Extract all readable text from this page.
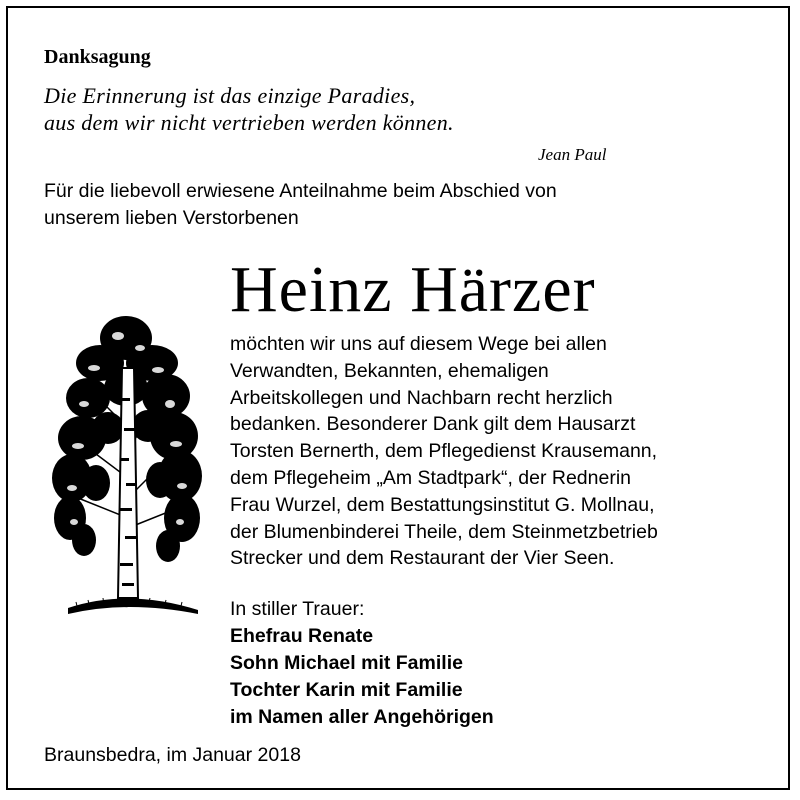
Danksagung

Die Erinnerung ist das einzige Paradies,
aus dem wir nicht vertrieben werden können.

Jean Paul

Für die liebevoll erwiesene Anteilnahme beim Abschied von
unserem lieben Verstorbenen

Heinz Härzer

möchten wir uns auf diesem Wege bei allen
Verwandten, Bekannten, ehemaligen
Arbeitskollegen und Nachbarn recht herzlich
bedanken. Besonderer Dank gilt dem Hausarzt
Torsten Bernerth, dem Pflegedienst Krausemann,
dem Pflegeheim „Am Stadtpark“, der Rednerin
Frau Wurzel, dem Bestattungsinstitut G. Mollnau,
der Blumenbinderei Theile, dem Steinmetzbetrieb
Strecker und dem Restaurant der Vier Seen.

In stiller Trauer:

Ehefrau Renate
Sohn Michael mit Familie
Tochter Karin mit Familie
im Namen aller Angehörigen

Braunsbedra, im Januar 2018
